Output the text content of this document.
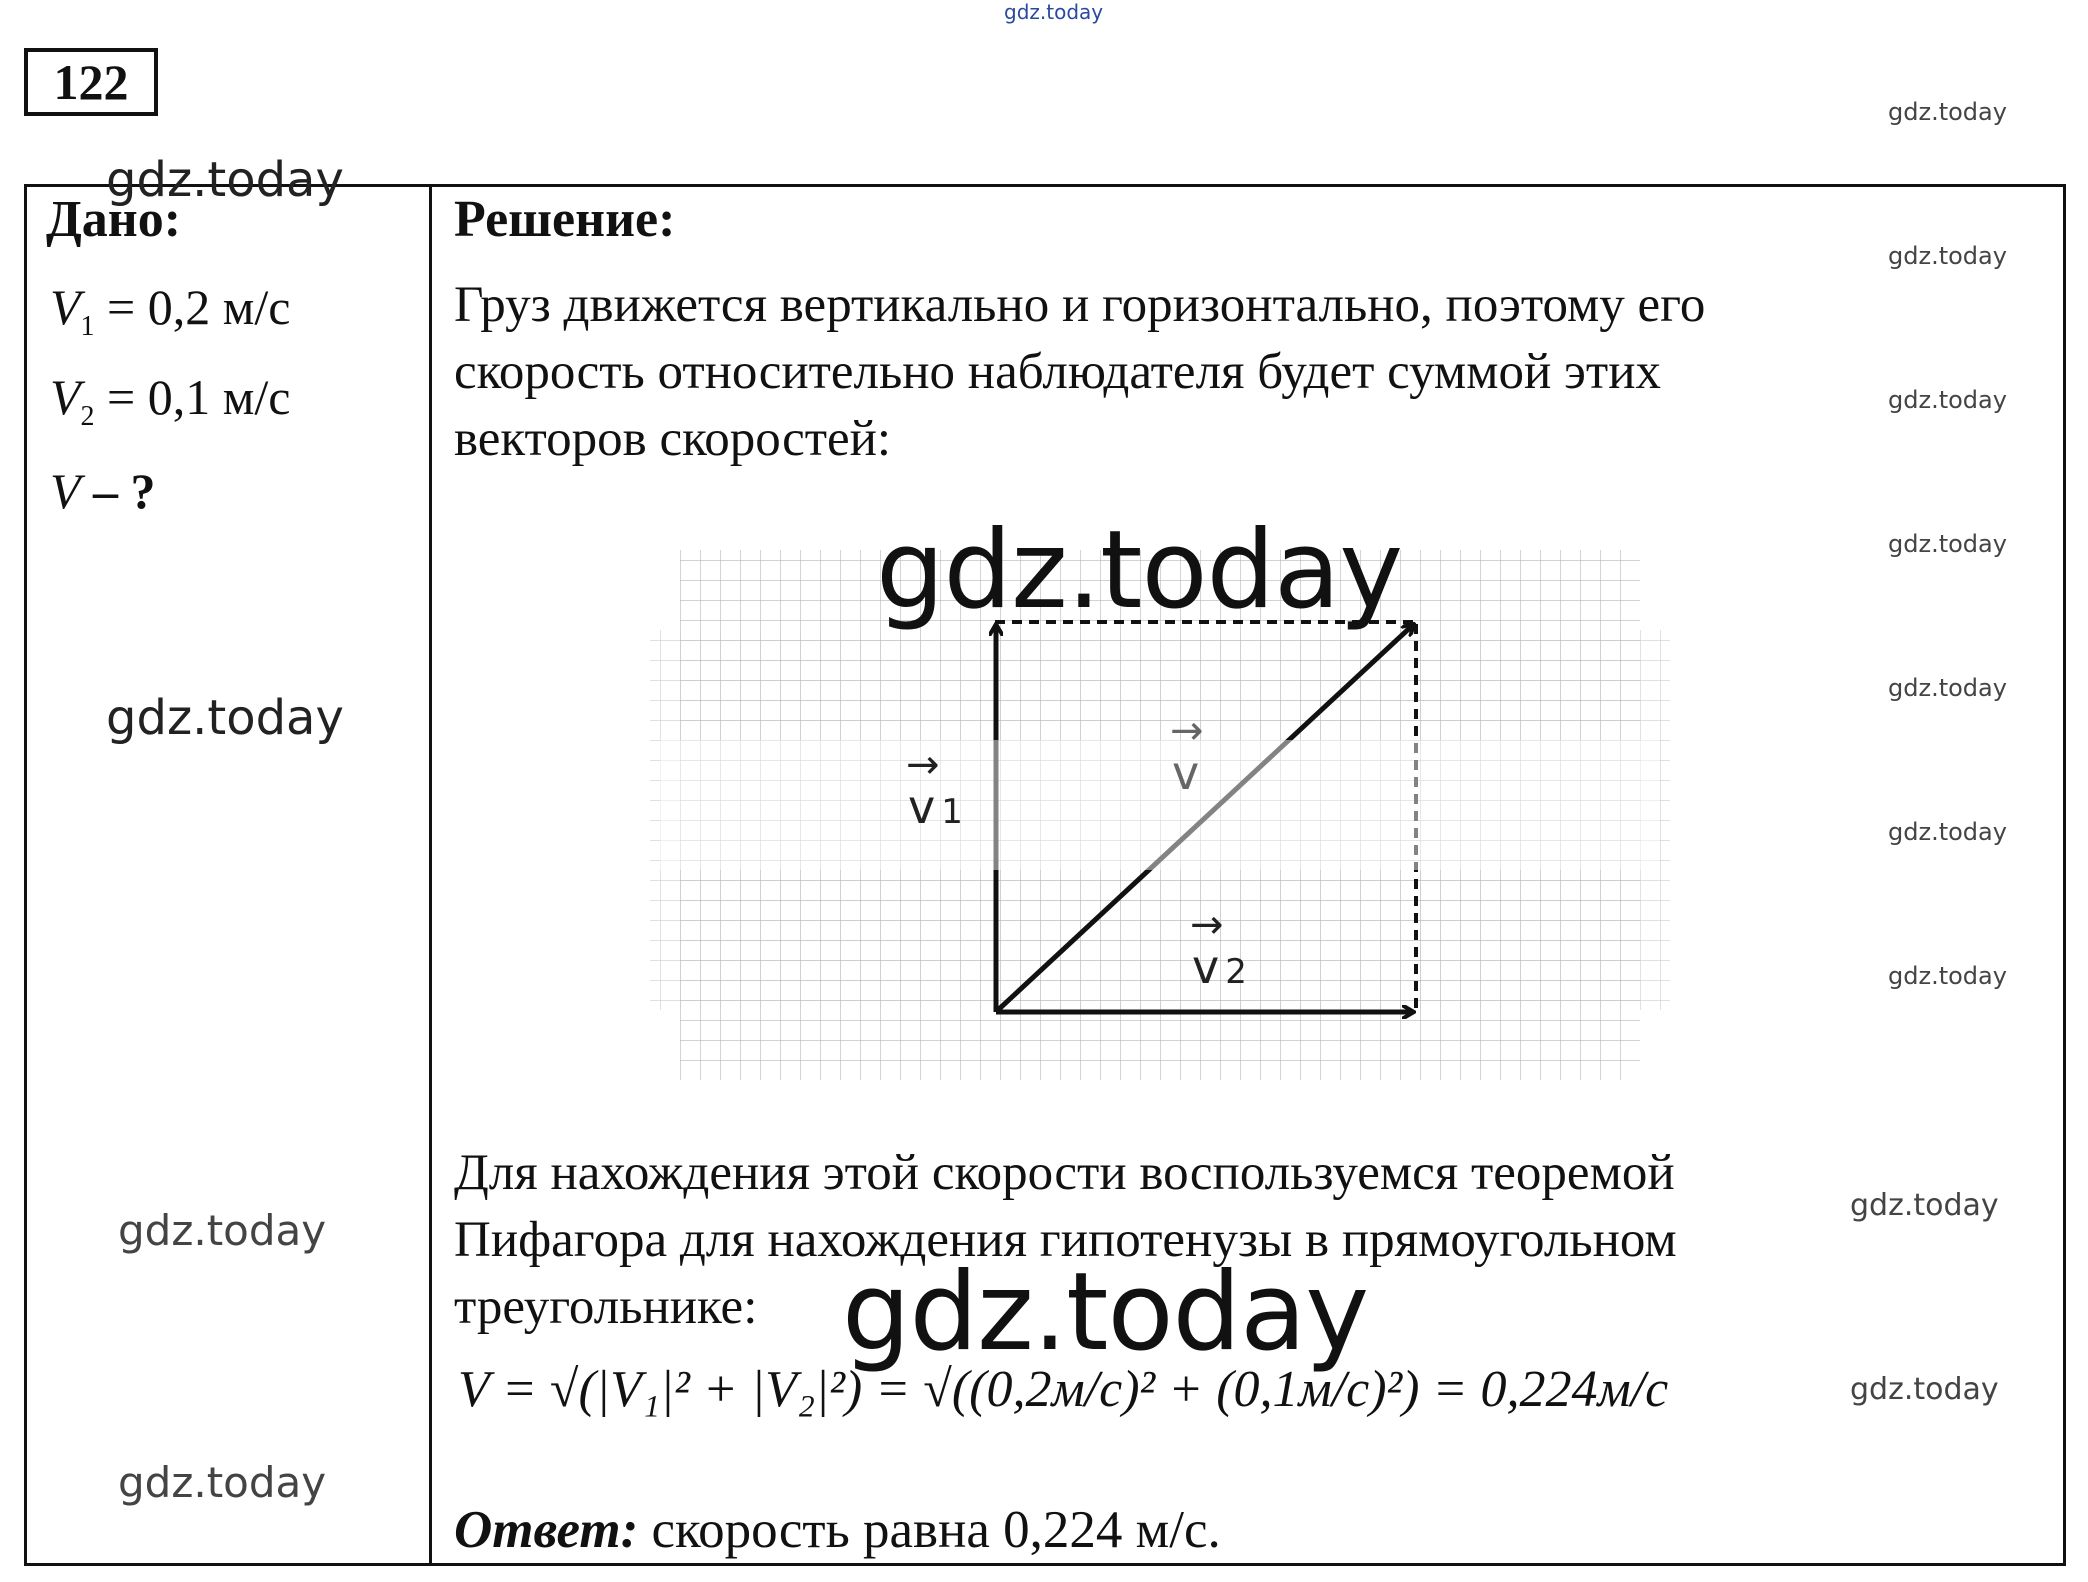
gdz.today
122
Дано:
$V_1 = 0,2$ м/с
$V_2 = 0,1$ м/с
V – ?
Решение:
Груз движется вертикально и горизонтально, поэтому его
скорость относительно наблюдателя будет суммой этих
векторов скоростей:
→
v 1
→
v
→
v 2
Для нахождения этой скорости воспользуемся теоремой
Пифагора для нахождения гипотенузы в прямоугольном
треугольнике:
V = √(|V₁|² + |V₂|²) = √((0,2м/с)² + (0,1м/с)²) = 0,224м/с
Ответ: скорость равна 0,224 м/с.
gdz.today
gdz.today
gdz.today
gdz.today
gdz.today
gdz.today
gdz.today
gdz.today
gdz.today
gdz.today
gdz.today
gdz.today
gdz.today
gdz.today
gdz.today
